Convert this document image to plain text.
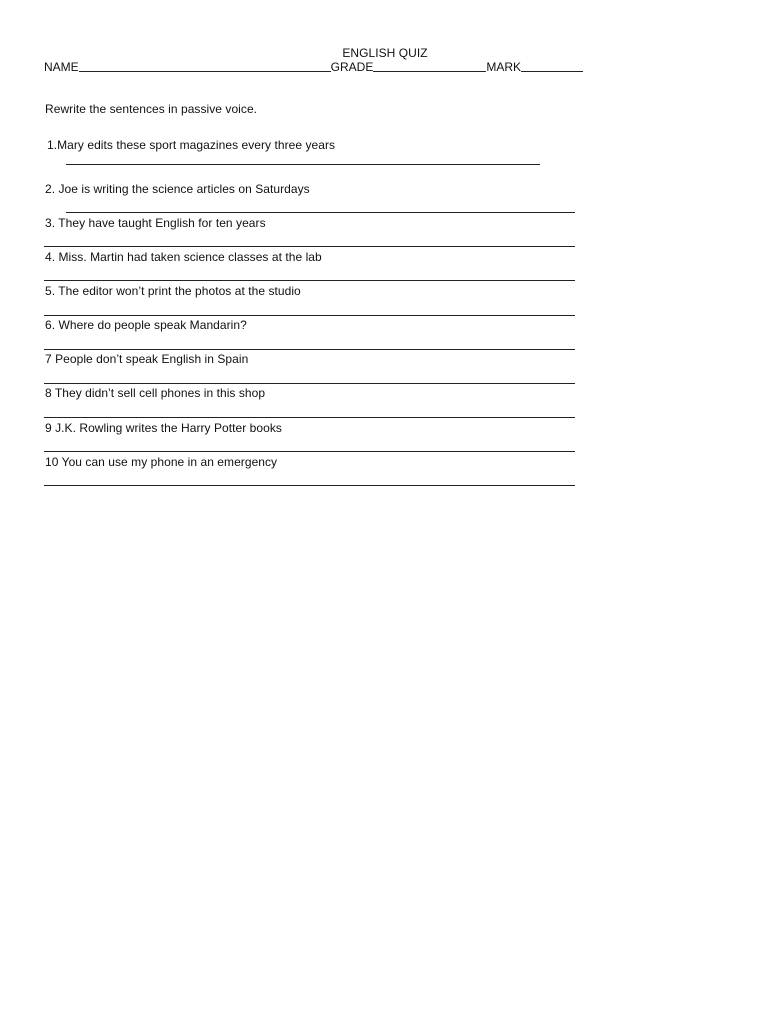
ENGLISH QUIZ
NAME	GRADE	MARK
Rewrite the sentences in passive voice.
1.Mary edits these sport magazines every three years
2. Joe is writing the science articles on Saturdays
3. They have taught English for ten years
4. Miss. Martin had taken science classes at the lab
5. The editor won’t print the photos at the studio
6. Where do people speak Mandarin?
7 People don’t speak English in Spain
8 They didn’t sell cell phones in this shop
9 J.K. Rowling writes the Harry Potter books
10 You can use my phone in an emergency
